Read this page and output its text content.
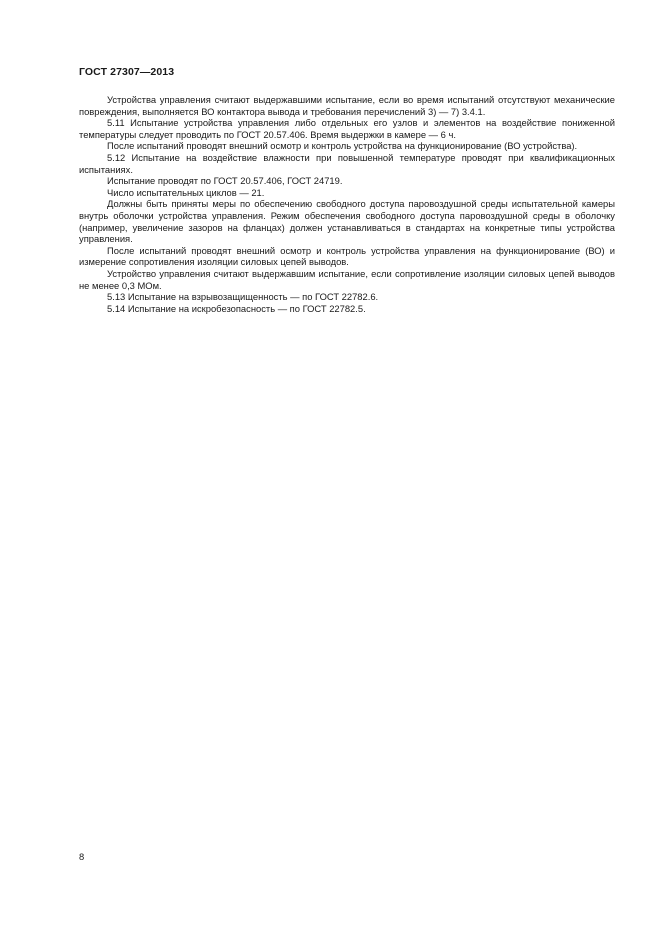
ГОСТ 27307—2013

Устройства управления считают выдержавшими испытание, если во время испытаний отсутствуют механические повреждения, выполняется ВО контактора вывода и требования перечислений 3) — 7) 3.4.1.

5.11 Испытание устройства управления либо отдельных его узлов и элементов на воздействие пониженной температуры следует проводить по ГОСТ 20.57.406. Время выдержки в камере — 6 ч.

После испытаний проводят внешний осмотр и контроль устройства на функционирование (ВО устройства).

5.12 Испытание на воздействие влажности при повышенной температуре проводят при квалификационных испытаниях.

Испытание проводят по ГОСТ 20.57.406, ГОСТ 24719.

Число испытательных циклов — 21.

Должны быть приняты меры по обеспечению свободного доступа паровоздушной среды испытательной камеры внутрь оболочки устройства управления. Режим обеспечения свободного доступа паровоздушной среды в оболочку (например, увеличение зазоров на фланцах) должен устанавливаться в стандартах на конкретные типы устройства управления.

После испытаний проводят внешний осмотр и контроль устройства управления на функционирование (ВО) и измерение сопротивления изоляции силовых цепей выводов.

Устройство управления считают выдержавшим испытание, если сопротивление изоляции силовых цепей выводов не менее 0,3 МОм.

5.13 Испытание на взрывозащищенность — по ГОСТ 22782.6.

5.14 Испытание на искробезопасность — по ГОСТ 22782.5.

8
